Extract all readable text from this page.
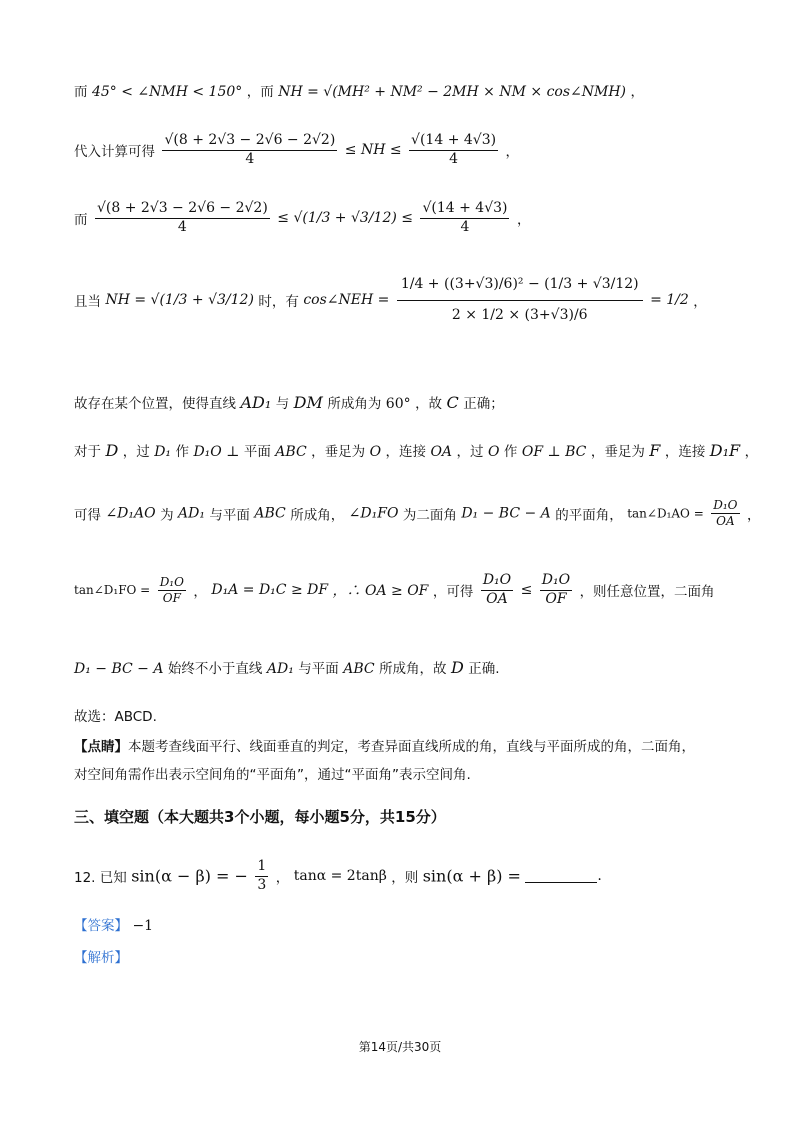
而 45° < ∠NMH < 150° ，而 NH = √(MH² + NM² − 2MH × NM × cos∠NMH) ，
代入计算可得 $\frac{√(8 + 2√3 - 2√6 - 2√2)}{4}$ ≤ NH ≤ $\frac{√(14 + 4√3)}{4}$ ，
而 $\frac{√(8 + 2√3 - 2√6 - 2√2)}{4} \le √(1/3 + √3/12) \le \frac{√(14 + 4√3)}{4}$ ，
且当 NH = √(1/3 + √3/12) 时，有 cos∠NEH = $\frac{\text{1/4 + ((3+√3)/6)² − (1/3 + √3/12)}}{2 \times 1/2 \times (3+√3)/6} = 1/2$ ，
故存在某个位置，使得直线 AD₁ 与 DM 所成角为 60° ，故 C 正确；
对于 D ，过 D₁ 作 D₁O ⊥ 平面 ABC ，垂足为 O ，连接 OA ，过 O 作 OF ⊥ BC ，垂足为 F ，连接 D₁F ，
可得 ∠D₁AO 为 AD₁ 与平面 ABC 所成角， ∠D₁FO 为二面角 D₁ − BC − A 的平面角， tan∠D₁AO = $\frac{\text{D₁O}}{OA}$ ，
tan∠D₁FO = $\frac{\text{D₁O}}{OF}$ ， D₁A = D₁C ≥ DF ，∴ OA ≥ OF ，可得 $\frac{\text{D₁O}}{OA} \le \frac{\text{D₁O}}{OF}$ ，则任意位置，二面角
D₁ − BC − A 始终不小于直线 AD₁ 与平面 ABC 所成角，故 D 正确.
故选：ABCD.
【点睛】本题考查线面平行、线面垂直的判定，考查异面直线所成的角，直线与平面所成的角，二面角，
对空间角需作出表示空间角的“平面角”，通过“平面角”表示空间角.
三、填空题（本大题共3个小题，每小题5分，共15分）
12. 已知 sin(α − β) = − $\frac{1}{3}$ ， tanα = 2tanβ ，则 sin(α + β) =	.
【答案】 −1
【解析】
第14页/共30页
